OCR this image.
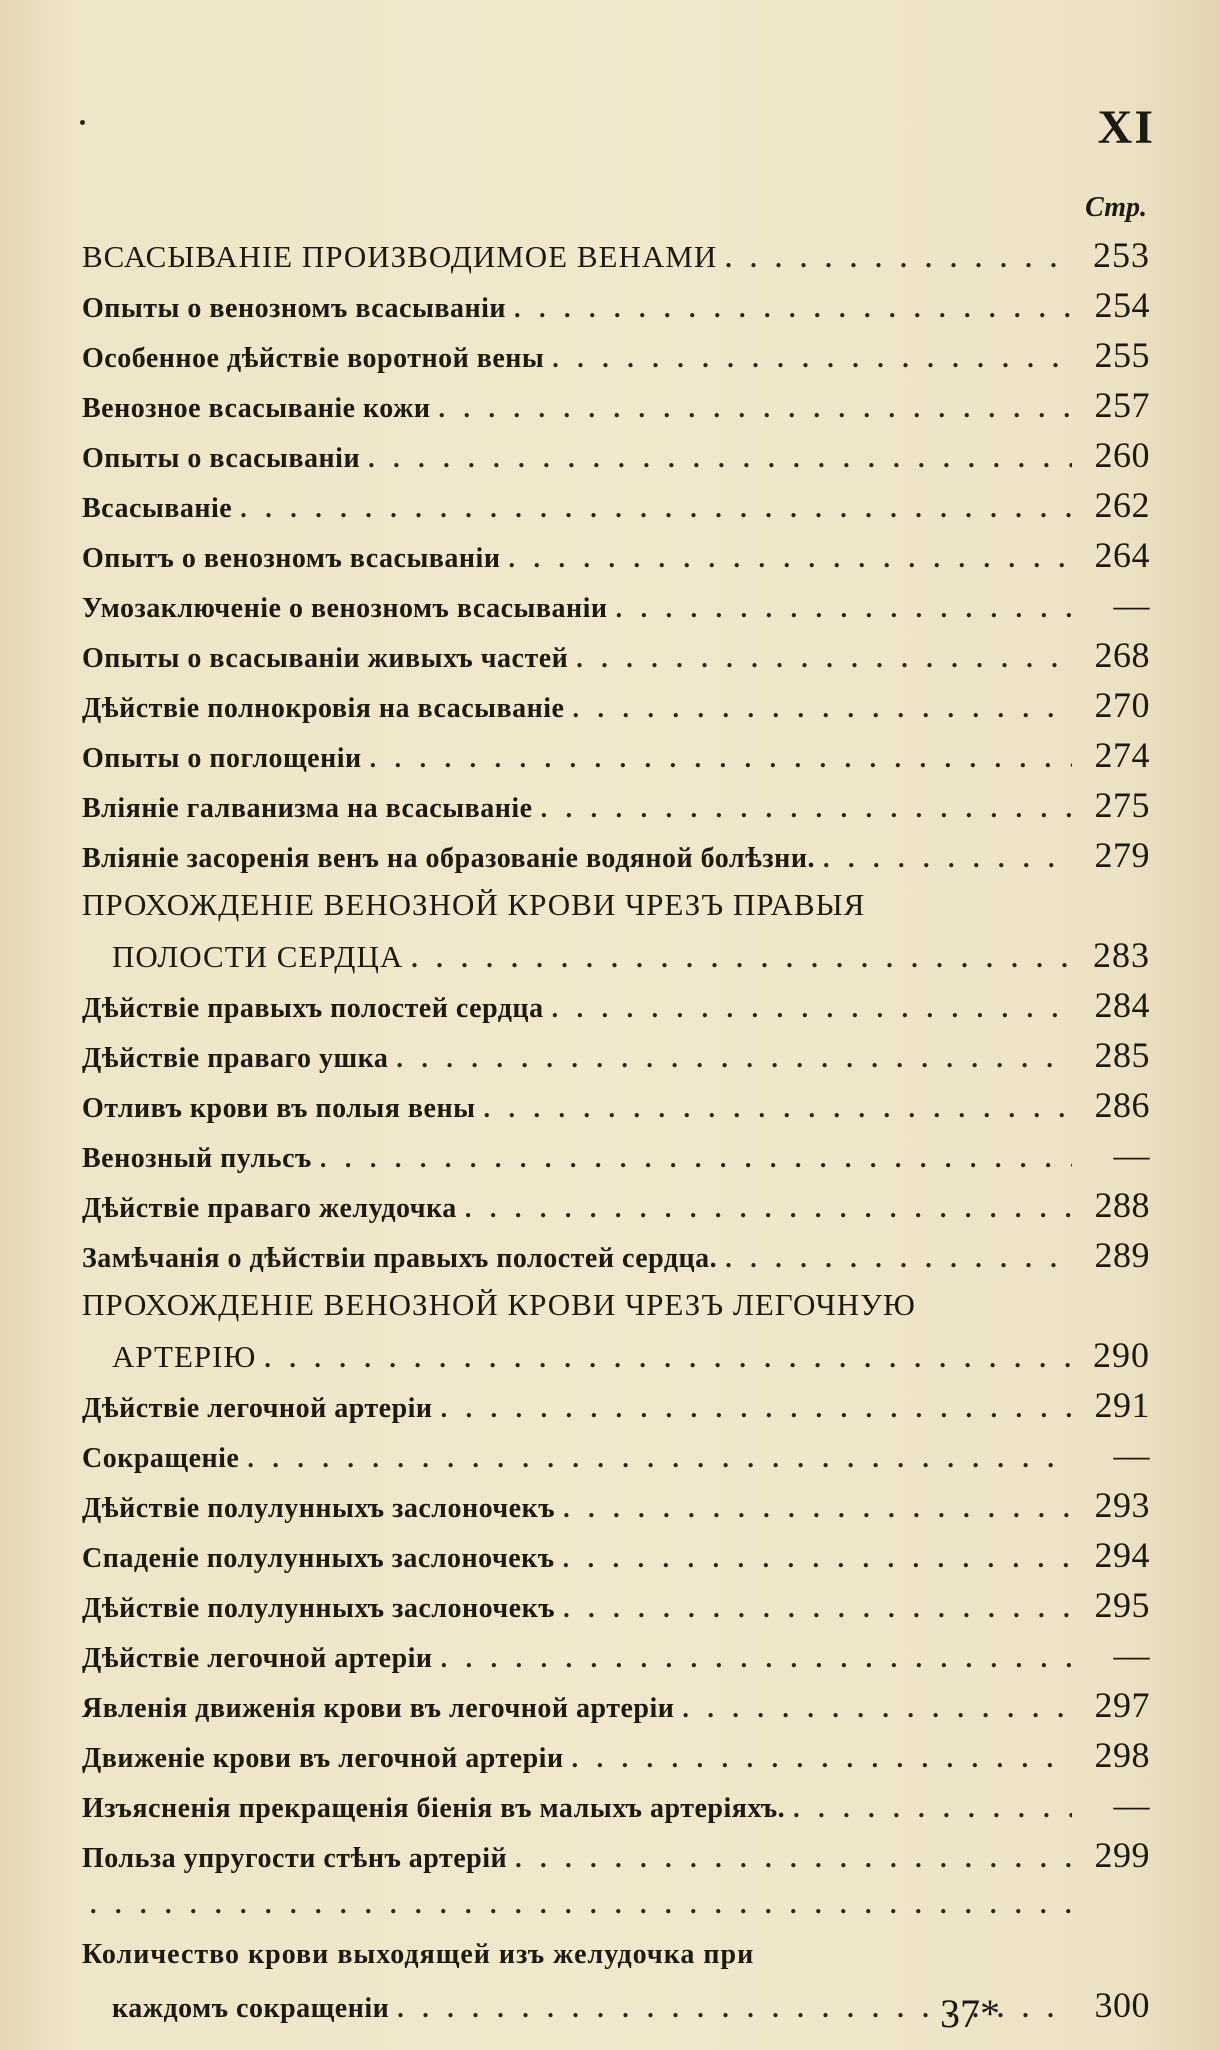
XI
Стр.
ВСАСЫВАНІЕ ПРОИЗВОДИМОЕ ВЕНАМИ . . .	253
Опыты о венозномъ всасываніи . . .	254
Особенное дѣйствіе воротной вены . . .	255
Венозное всасываніе кожи . . .	257
Опыты о всасываніи . . .	260
Всасываніе . . .	262
Опытъ о венозномъ всасываніи . . .	264
Умозаключеніе о венозномъ всасываніи . . .	—
Опыты о всасываніи живыхъ частей . . .	268
Дѣйствіе полнокровія на всасываніе . . .	270
Опыты о поглощеніи . . .	274
Вліяніе галванизма на всасываніе . . .	275
Вліяніе засоренія венъ на образованіе водяной болѣзни. . . .	279
ПРОХОЖДЕНІЕ ВЕНОЗНОЙ КРОВИ ЧРЕЗЪ ПРАВЫЯ
ПОЛОСТИ СЕРДЦА . . .	283
Дѣйствіе правыхъ полостей сердца . . .	284
Дѣйствіе праваго ушка . . .	285
Отливъ крови въ полыя вены . . .	286
Венозный пульсъ . . .	—
Дѣйствіе праваго желудочка . . .	288
Замѣчанія о дѣйствіи правыхъ полостей сердца. . . .	289
ПРОХОЖДЕНІЕ ВЕНОЗНОЙ КРОВИ ЧРЕЗЪ ЛЕГОЧНУЮ
АРТЕРІЮ . . .	290
Дѣйствіе легочной артеріи . . .	291
Сокращеніе . . .	—
Дѣйствіе полулунныхъ заслоночекъ . . .	293
Спаденіе полулунныхъ заслоночекъ . . .	294
Дѣйствіе полулунныхъ заслоночекъ . . .	295
Дѣйствіе легочной артеріи . . .	—
Явленія движенія крови въ легочной артеріи . . .	297
Движеніе крови въ легочной артеріи . . .	298
Изъясненія прекращенія біенія въ малыхъ артеріяхъ. . . .	—
Польза упругости стѣнъ артерій . . .	299
. . .
Количество крови выходящей изъ желудочка при
каждомъ сокращеніи . . .	300
37*
